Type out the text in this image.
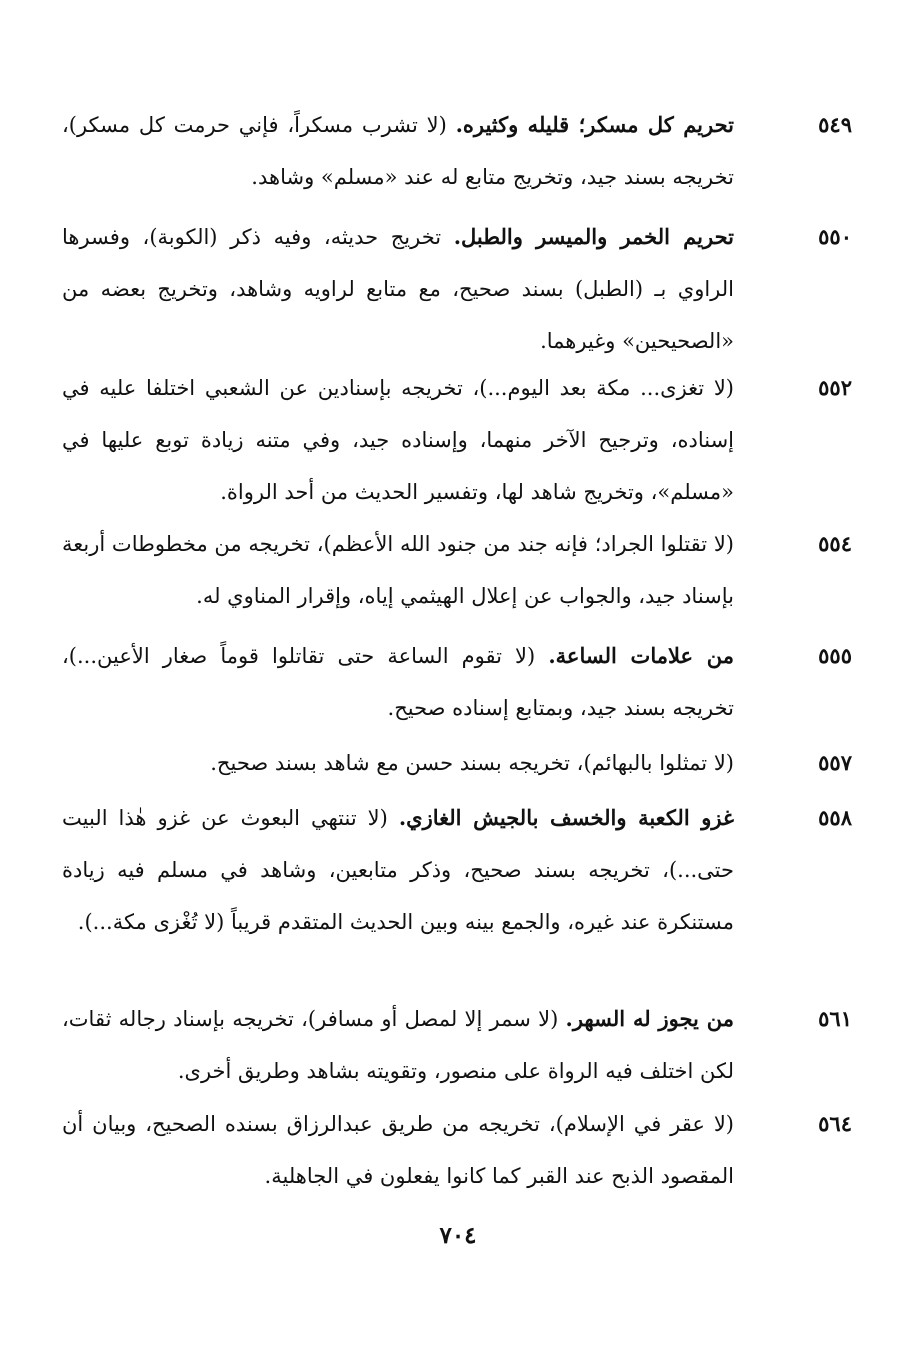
٥٤٩
تحريم كل مسكر؛ قليله وكثيره. (لا تشرب مسكراً، فإني حرمت كل مسكر)، تخريجه بسند جيد، وتخريج متابع له عند «مسلم» وشاهد.
٥٥٠
تحريم الخمر والميسر والطبل. تخريج حديثه، وفيه ذكر (الكوبة)، وفسرها الراوي بـ (الطبل) بسند صحيح، مع متابع لراويه وشاهد، وتخريج بعضه من «الصحيحين» وغيرهما.
٥٥٢
(لا تغزى... مكة بعد اليوم...)، تخريجه بإسنادين عن الشعبي اختلفا عليه في إسناده، وترجيح الآخر منهما، وإسناده جيد، وفي متنه زيادة توبع عليها في «مسلم»، وتخريج شاهد لها، وتفسير الحديث من أحد الرواة.
٥٥٤
(لا تقتلوا الجراد؛ فإنه جند من جنود الله الأعظم)، تخريجه من مخطوطات أربعة بإسناد جيد، والجواب عن إعلال الهيثمي إياه، وإقرار المناوي له.
٥٥٥
من علامات الساعة. (لا تقوم الساعة حتى تقاتلوا قوماً صغار الأعين...)، تخريجه بسند جيد، وبمتابع إسناده صحيح.
٥٥٧
(لا تمثلوا بالبهائم)، تخريجه بسند حسن مع شاهد بسند صحيح.
٥٥٨
غزو الكعبة والخسف بالجيش الغازي. (لا تنتهي البعوث عن غزو هٰذا البيت حتى...)، تخريجه بسند صحيح، وذكر متابعين، وشاهد في مسلم فيه زيادة مستنكرة عند غيره، والجمع بينه وبين الحديث المتقدم قريباً (لا تُغْزى مكة...).
٥٦١
من يجوز له السهر. (لا سمر إلا لمصل أو مسافر)، تخريجه بإسناد رجاله ثقات، لكن اختلف فيه الرواة على منصور، وتقويته بشاهد وطريق أخرى.
٥٦٤
(لا عقر في الإسلام)، تخريجه من طريق عبدالرزاق بسنده الصحيح، وبيان أن المقصود الذبح عند القبر كما كانوا يفعلون في الجاهلية.
٧٠٤
